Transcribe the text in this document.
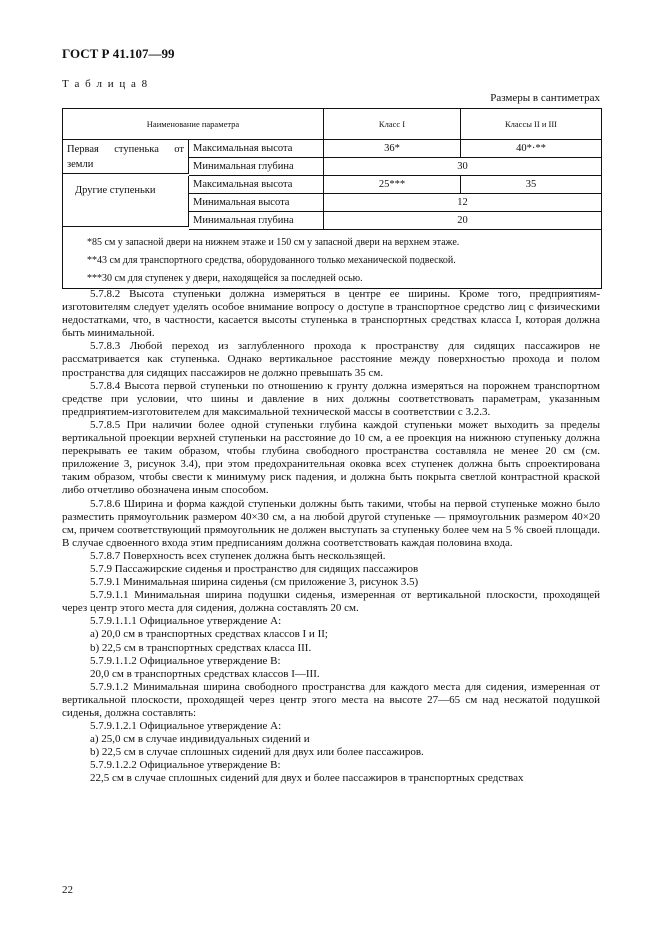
ГОСТ Р 41.107—99
Т а б л и ц а 8
Размеры в сантиметрах
Наименование параметра	Класс I	Классы II и III
Первая ступенька от земли
Максимальная высота	36*	40*·**
Минимальная глубина	30
Другие ступеньки
Максимальная высота	25***	35
Минимальная высота	12
Минимальная глубина	20
*85 см у запасной двери на нижнем этаже и 150 см у запасной двери на верхнем этаже.
**43 см для транспортного средства, оборудованного только механической подвеской.
***30 см для ступенек у двери, находящейся за последней осью.

5.7.8.2 Высота ступеньки должна измеряться в центре ее ширины. Кроме того, предприятиям-изготовителям следует уделять особое внимание вопросу о доступе в транспортное средство лиц с физическими недостатками, что, в частности, касается высоты ступенька в транспортных средствах класса I, которая должна быть минимальной.

5.7.8.3 Любой переход из заглубленного прохода к пространству для сидящих пассажиров не рассматривается как ступенька. Однако вертикальное расстояние между поверхностью прохода и полом пространства для сидящих пассажиров не должно превышать 35 см.

5.7.8.4 Высота первой ступеньки по отношению к грунту должна измеряться на порожнем транспортном средстве при условии, что шины и давление в них должны соответствовать параметрам, указанным предприятием-изготовителем для максимальной технической массы в соответствии с 3.2.3.

5.7.8.5 При наличии более одной ступеньки глубина каждой ступеньки может выходить за пределы вертикальной проекции верхней ступеньки на расстояние до 10 см, а ее проекция на нижнюю ступеньку должна перекрывать ее таким образом, чтобы глубина свободного пространства составляла не менее 20 см (см. приложение 3, рисунок 3.4), при этом предохранительная оковка всех ступенек должна быть спроектирована таким образом, чтобы свести к минимуму риск падения, и должна быть покрыта светлой контрастной краской либо отчетливо обозначена иным способом.

5.7.8.6 Ширина и форма каждой ступеньки должны быть такими, чтобы на первой ступеньке можно было разместить прямоугольник размером 40×30 см, а на любой другой ступеньке — прямоугольник размером 40×20 см, причем соответствующий прямоугольник не должен выступать за ступеньку более чем на 5 % своей площади. В случае сдвоенного входа этим предписаниям должна соответствовать каждая половина входа.

5.7.8.7 Поверхность всех ступенек должна быть нескользящей.

5.7.9 Пассажирские сиденья и пространство для сидящих пассажиров

5.7.9.1 Минимальная ширина сиденья (см приложение 3, рисунок 3.5)

5.7.9.1.1 Минимальная ширина подушки сиденья, измеренная от вертикальной плоскости, проходящей через центр этого места для сидения, должна составлять 20 см.

5.7.9.1.1.1 Официальное утверждение А:

a) 20,0 см в транспортных средствах классов I и II;

b) 22,5 см в транспортных средствах класса III.

5.7.9.1.1.2 Официальное утверждение В:

20,0 см в транспортных средствах классов I—III.

5.7.9.1.2 Минимальная ширина свободного пространства для каждого места для сидения, измеренная от вертикальной плоскости, проходящей через центр этого места на высоте 27—65 см над несжатой подушкой сиденья, должна составлять:

5.7.9.1.2.1 Официальное утверждение А:

a) 25,0 см в случае индивидуальных сидений и

b) 22,5 см в случае сплошных сидений для двух или более пассажиров.

5.7.9.1.2.2 Официальное утверждение В:

22,5 см в случае сплошных сидений для двух и более пассажиров в транспортных средствах

22
